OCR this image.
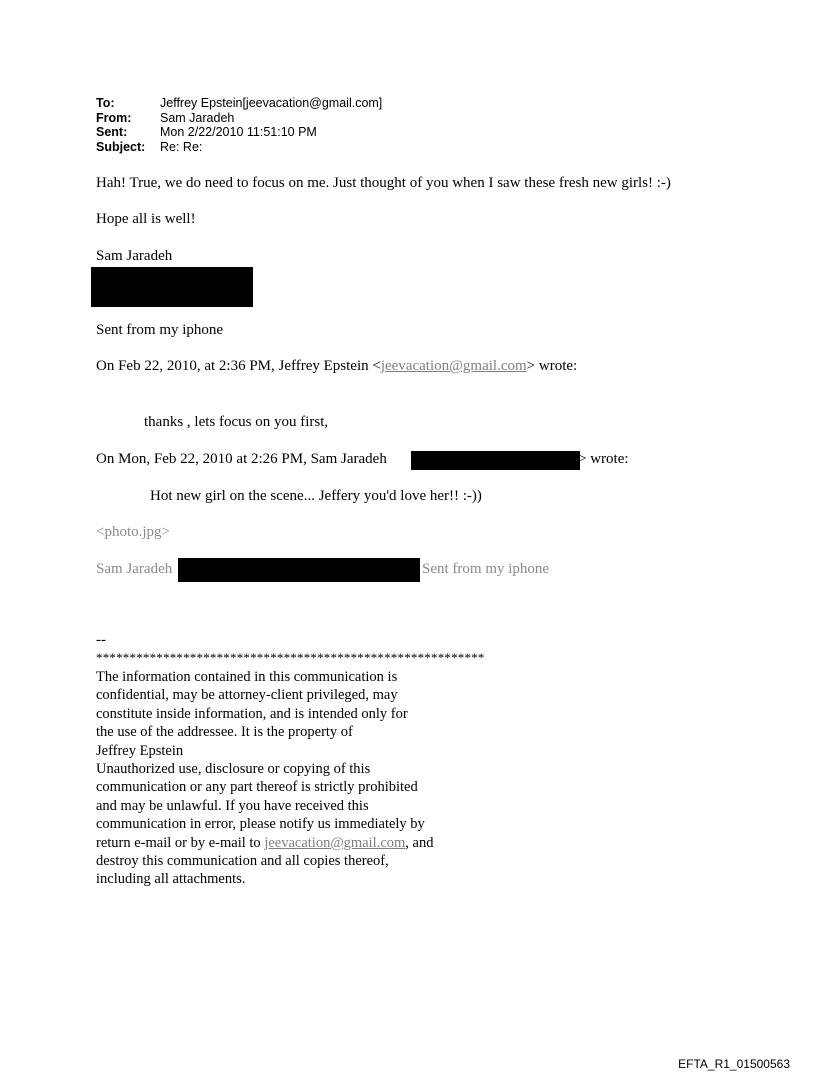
To:	Jeffrey Epstein[jeevacation@gmail.com]
From:	Sam Jaradeh
Sent:	Mon 2/22/2010 11:51:10 PM
Subject:	Re: Re:
Hah! True, we do need to focus on me. Just thought of you when I saw these fresh new girls! :-)
Hope all is well!
Sam Jaradeh
Sent from my iphone
On Feb 22, 2010, at 2:36 PM, Jeffrey Epstein <jeevacation@gmail.com> wrote:
thanks , lets focus on you first,
On Mon, Feb 22, 2010 at 2:26 PM, Sam Jaradeh	> wrote:
Hot new girl on the scene... Jeffery you'd love her!! :-))
<photo.jpg>
Sam Jaradeh	Sent from my iphone
--
**********************************************************
The information contained in this communication is
confidential, may be attorney-client privileged, may
constitute inside information, and is intended only for
the use of the addressee. It is the property of
Jeffrey Epstein
Unauthorized use, disclosure or copying of this
communication or any part thereof is strictly prohibited
and may be unlawful. If you have received this
communication in error, please notify us immediately by
return e-mail or by e-mail to jeevacation@gmail.com, and
destroy this communication and all copies thereof,
including all attachments.
EFTA_R1_01500563
